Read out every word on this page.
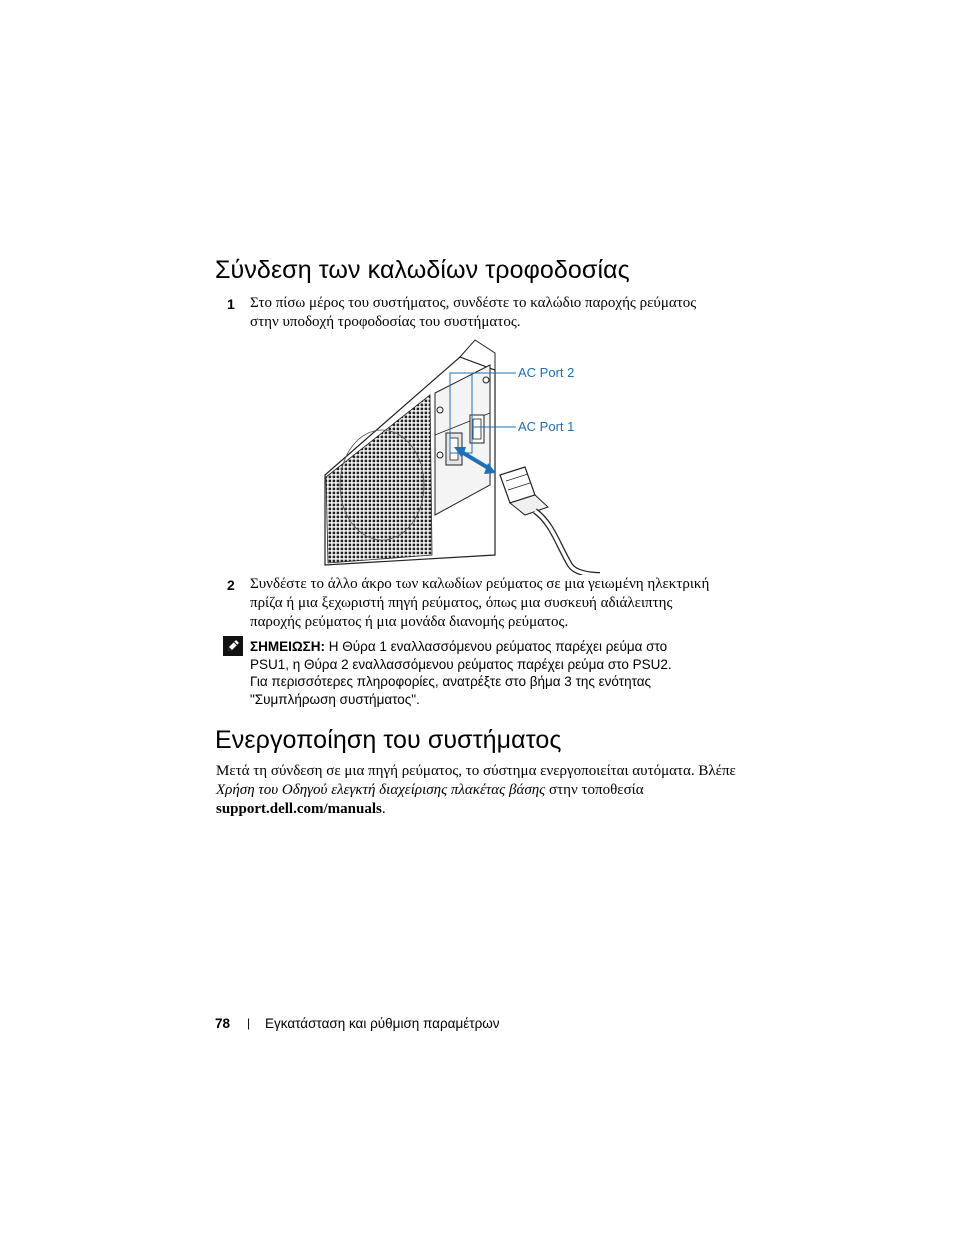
Σύνδεση των καλωδίων τροφοδοσίας
1 Στο πίσω μέρος του συστήματος, συνδέστε το καλώδιο παροχής ρεύματος
στην υποδοχή τροφοδοσίας του συστήματος.
AC Port 2
AC Port 1
2 Συνδέστε το άλλο άκρο των καλωδίων ρεύματος σε μια γειωμένη ηλεκτρική
πρίζα ή μια ξεχωριστή πηγή ρεύματος, όπως μια συσκευή αδιάλειπτης
παροχής ρεύματος ή μια μονάδα διανομής ρεύματος.
ΣΗΜΕΙΩΣΗ: Η Θύρα 1 εναλλασσόμενου ρεύματος παρέχει ρεύμα στο
PSU1, η Θύρα 2 εναλλασσόμενου ρεύματος παρέχει ρεύμα στο PSU2.
Για περισσότερες πληροφορίες, ανατρέξτε στο βήμα 3 της ενότητας
"Συμπλήρωση συστήματος".
Ενεργοποίηση του συστήματος
Μετά τη σύνδεση σε μια πηγή ρεύματος, το σύστημα ενεργοποιείται αυτόματα. Βλέπε
Χρήση του Οδηγού ελεγκτή διαχείρισης πλακέτας βάσης στην τοποθεσία
support.dell.com/manuals.
78 | Εγκατάσταση και ρύθμιση παραμέτρων
